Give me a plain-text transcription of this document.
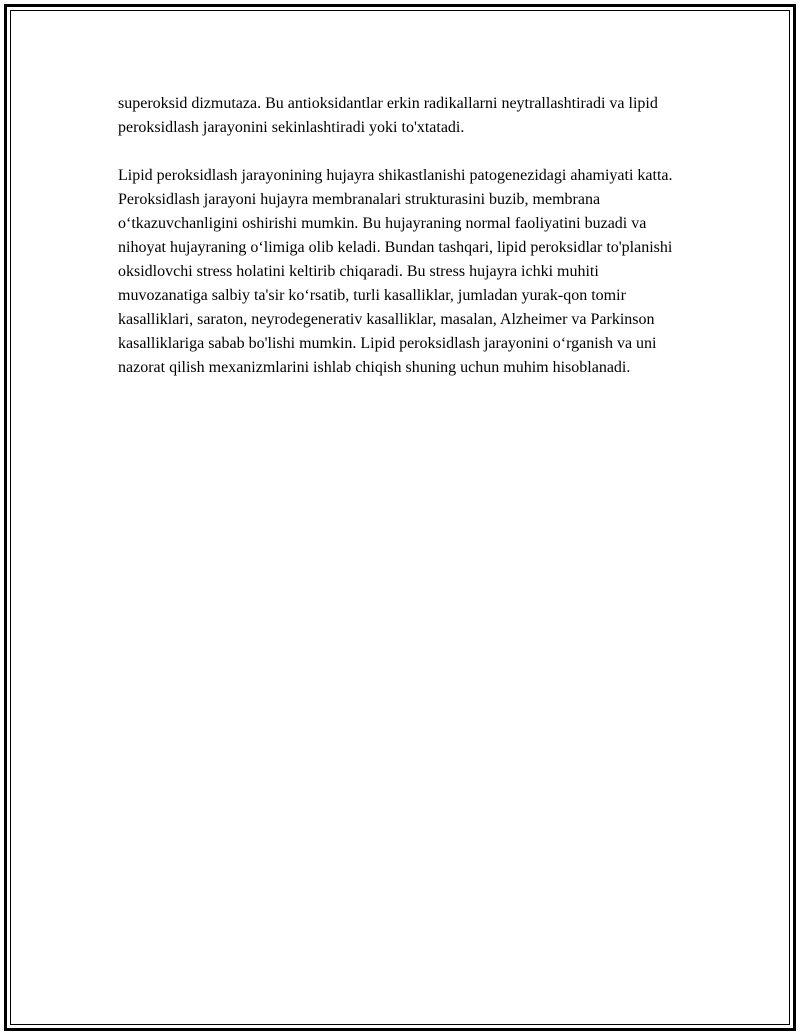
superoksid dizmutaza. Bu antioksidantlar erkin radikallarni neytrallashtiradi va lipid peroksidlash jarayonini sekinlashtiradi yoki to'xtatadi.

Lipid peroksidlash jarayonining hujayra shikastlanishi patogenezidagi ahamiyati katta. Peroksidlash jarayoni hujayra membranalari strukturasini buzib, membrana o‘tkazuvchanligini oshirishi mumkin. Bu hujayraning normal faoliyatini buzadi va nihoyat hujayraning o‘limiga olib keladi. Bundan tashqari, lipid peroksidlar to'planishi oksidlovchi stress holatini keltirib chiqaradi. Bu stress hujayra ichki muhiti muvozanatiga salbiy ta'sir ko‘rsatib, turli kasalliklar, jumladan yurak-qon tomir kasalliklari, saraton, neyrodegenerativ kasalliklar, masalan, Alzheimer va Parkinson kasalliklariga sabab bo'lishi mumkin. Lipid peroksidlash jarayonini o‘rganish va uni nazorat qilish mexanizmlarini ishlab chiqish shuning uchun muhim hisoblanadi.
